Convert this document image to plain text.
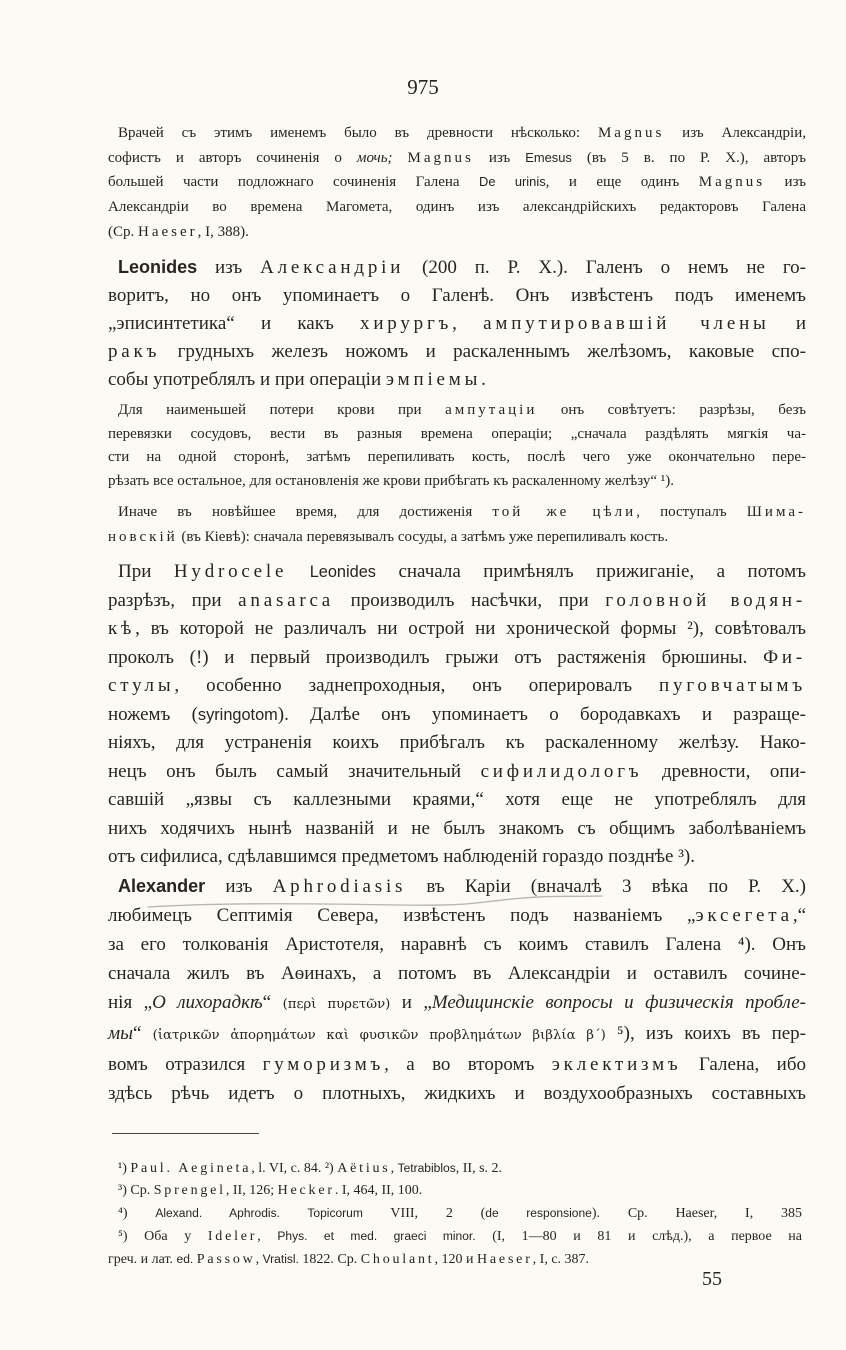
975
Врачей съ этимъ именемъ было въ древности нѣсколько: Magnus изъ Александріи,
софистъ и авторъ сочиненія о мочь; Magnus изъ Emesus (въ 5 в. по Р. Х.), авторъ
большей части подложнаго сочиненія Галена De urinis, и еще одинъ Magnus изъ
Александріи во времена Магомета, одинъ изъ александрійскихъ редакторовъ Галена
(Ср. Haeser, I, 388).
Leonides изъ Александріи (200 п. Р. Х.). Галенъ о немъ не го-
воритъ, но онъ упоминаетъ о Галенѣ. Онъ извѣстенъ подъ именемъ
„эписинтетика“ и какъ хирургъ, ампутировавшій члены и
ракъ грудныхъ железъ ножомъ и раскаленнымъ желѣзомъ, каковые спо-
собы употреблялъ и при операціи эмпіемы.
Для наименьшей потери крови при ампутаціи онъ совѣтуетъ: разрѣзы, безъ
перевязки сосудовъ, вести въ разныя времена операціи; „сначала раздѣлять мягкія ча-
сти на одной сторонѣ, затѣмъ перепиливать кость, послѣ чего уже окончательно пере-
рѣзать все остальное, для остановленія же крови прибѣгать къ раскаленному желѣзу“ ¹).
Иначе въ новѣйшее время, для достиженія той же цѣли, поступалъ Шима-
новскій (въ Кіевѣ): сначала перевязывалъ сосуды, а затѣмъ уже перепиливалъ кость.
При Hydrocele Leonides сначала примѣнялъ прижиганіе, а потомъ
разрѣзъ, при anasarca производилъ насѣчки, при головной водян-
кѣ, въ которой не различалъ ни острой ни хронической формы ²), совѣтовалъ
проколъ (!) и первый производилъ грыжи отъ растяженія брюшины. Фи-
стулы, особенно заднепроходныя, онъ оперировалъ пуговчатымъ
ножемъ (syringotom). Далѣе онъ упоминаетъ о бородавкахъ и разраще-
ніяхъ, для устраненія коихъ прибѣгалъ къ раскаленному желѣзу. Нако-
нецъ онъ былъ самый значительный сифилидологъ древности, опи-
савшій „язвы съ каллезными краями,“ хотя еще не употреблялъ для
нихъ ходячихъ нынѣ названій и не былъ знакомъ съ общимъ заболѣваніемъ
отъ сифилиса, сдѣлавшимся предметомъ наблюденій гораздо позднѣе ³).
Alexander изъ Aphrodiasis въ Каріи (вначалѣ 3 вѣка по Р. Х.)
любимецъ Септимія Севера, извѣстенъ подъ названіемъ „эксегета,“
за его толкованія Аристотеля, наравнѣ съ коимъ ставилъ Галена ⁴). Онъ
сначала жилъ въ Аѳинахъ, а потомъ въ Александріи и оставилъ сочине-
нія „О лихорадкѣ“ (περὶ πυρετῶν) и „Медицинскіе вопросы и физическія пробле-
мы“ (ἰατρικῶν ἀπορημάτων καὶ φυσικῶν προβλημάτων βιβλία β΄) ⁵), изъ коихъ въ пер-
вомъ отразился гуморизмъ, а во второмъ эклектизмъ Галена, ибо
здѣсь рѣчь идетъ о плотныхъ, жидкихъ и воздухообразныхъ составныхъ
¹) Paul. Aegineta, l. VI, c. 84. ²) Aëtius, Tetrabiblos, II, s. 2.
³) Ср. Sprengel, II, 126; Hecker. I, 464, II, 100.
⁴) Alexand. Aphrodis. Topicorum VIII, 2 (de responsione). Ср. Haeser, I, 385
⁵) Оба у Ideler, Phys. et med. graeci minor. (I, 1—80 и 81 и слѣд.), а первое на
греч. и лат. ed. Passow, Vratisl. 1822. Ср. Choulant, 120 и Haeser, I, c. 387.
55
